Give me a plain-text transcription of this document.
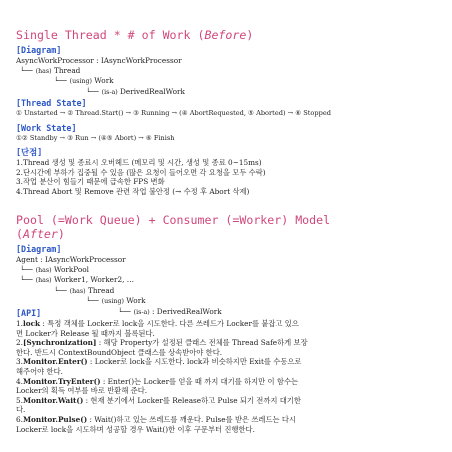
Single Thread * # of Work (Before)
[Diagram]
AsyncWorkProcessor : IAsyncWorkProcessor
└── (has) Thread
└── (using) Work
└── (is-a) DerivedRealWork
[Thread State]
① Unstarted → ② Thread.Start() → ③ Running → (④ AbortRequested, ⑤ Aborted) → ⑥ Stopped
[Work State]
①② Standby → ③ Run → (④⑤ Abort) → ⑥ Finish
[단점]
1.Thread 생성 및 종료시 오버헤드 (메모리 및 시간, 생성 및 종료 0~15ms)
2.단시간에 부하가 집중될 수 있음 (많은 요청이 들어오면 각 요청을 모두 수락)
3.작업 분산이 힘들기 때문에 급속한 FPS 변화
4.Thread Abort 및 Remove 관련 작업 불안정 (→ 수정 후 Abort 삭제)
Pool (=Work Queue) + Consumer (=Worker) Model
(After)
[Diagram]
Agent : IAsyncWorkProcessor
└── (has) WorkPool
└── (has) Worker1, Worker2, …
└── (has) Thread
└── (using) Work
└── (is-a) : DerivedRealWork
[API]
1.lock : 특정 객체를 Locker로 lock을 시도한다. 다른 쓰레드가 Locker를 붙잡고 있으
면 Locker가 Release 될 때까지 블록된다.
2.[Synchronization] : 해당 Property가 설정된 클래스 전체를 Thread Safe하게 보장
한다. 반드시 ContextBoundObject 클래스를 상속받아야 한다.
3.Monitor.Enter() : Locker로 lock을 시도한다. lock과 비슷하지만 Exit를 수동으로
해주어야 한다.
4.Monitor.TryEnter() : Enter()는 Locker를 얻을 때 까지 대기를 하지만 이 함수는
Locker의 획득 여부를 바로 반환해 준다.
5.Monitor.Wait() : 현재 분기에서 Locker를 Release하고 Pulse 되기 전까지 대기한
다.
6.Monitor.Pulse() : Wait()하고 있는 쓰레드를 깨운다. Pulse를 받은 쓰레드는 다시
Locker로 lock을 시도하며 성공할 경우 Wait()한 이후 구문부터 진행한다.
